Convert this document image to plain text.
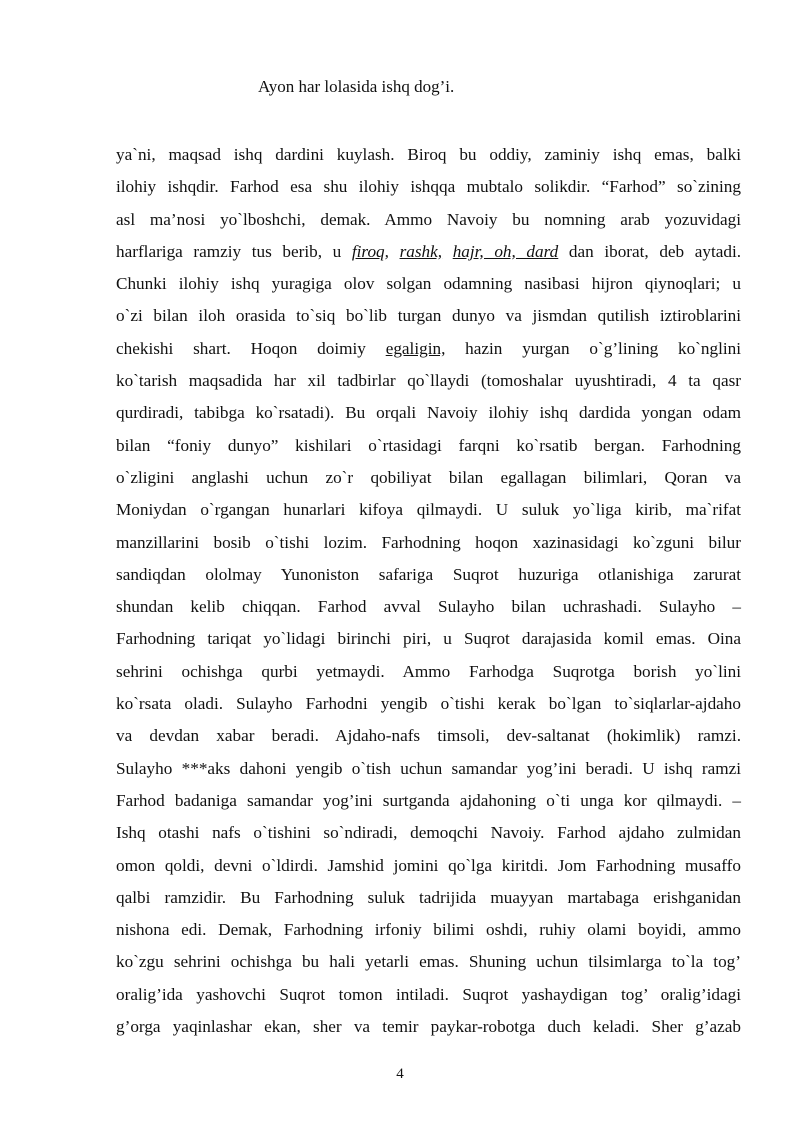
Ayon har lolasida ishq dog’i.
ya`ni, maqsad ishq dardini kuylash. Biroq bu oddiy, zaminiy ishq emas, balki
ilohiy ishqdir. Farhod esa shu ilohiy ishqqa mubtalo solikdir. “Farhod” so`zining
asl ma’nosi yo`lboshchi, demak. Ammo Navoiy bu nomning arab yozuvidagi
harflariga ramziy tus berib, u firoq, rashk, hajr, oh, dard dan iborat, deb aytadi.
Chunki ilohiy ishq yuragiga olov solgan odamning nasibasi hijron qiynoqlari; u
o`zi bilan iloh orasida to`siq bo`lib turgan dunyo va jismdan qutilish iztiroblarini
chekishi shart. Hoqon doimiy egaligin, hazin yurgan o`g’lining ko`nglini
ko`tarish maqsadida har xil tadbirlar qo`llaydi (tomoshalar uyushtiradi, 4 ta qasr
qurdiradi, tabibga ko`rsatadi). Bu orqali Navoiy ilohiy ishq dardida yongan odam
bilan “foniy dunyo” kishilari o`rtasidagi farqni ko`rsatib bergan. Farhodning
o`zligini anglashi uchun zo`r qobiliyat bilan egallagan bilimlari, Qoran va
Moniydan o`rgangan hunarlari kifoya qilmaydi. U suluk yo`liga kirib, ma`rifat
manzillarini bosib o`tishi lozim. Farhodning hoqon xazinasidagi ko`zguni bilur
sandiqdan ololmay Yunoniston safariga Suqrot huzuriga otlanishiga zarurat
shundan kelib chiqqan. Farhod avval Sulayho bilan uchrashadi. Sulayho –
Farhodning tariqat yo`lidagi birinchi piri, u Suqrot darajasida komil emas. Oina
sehrini ochishga qurbi yetmaydi. Ammo Farhodga Suqrotga borish yo`lini
ko`rsata oladi. Sulayho Farhodni yengib o`tishi kerak bo`lgan to`siqlarlar-ajdaho
va devdan xabar beradi. Ajdaho-nafs timsoli, dev-saltanat (hokimlik) ramzi.
Sulayho ***aks dahoni yengib o`tish uchun samandar yog’ini beradi. U ishq ramzi
Farhod badaniga samandar yog’ini surtganda ajdahoning o`ti unga kor qilmaydi. –
Ishq otashi nafs o`tishini so`ndiradi, demoqchi Navoiy. Farhod ajdaho zulmidan
omon qoldi, devni o`ldirdi. Jamshid jomini qo`lga kiritdi. Jom Farhodning musaffo
qalbi ramzidir. Bu Farhodning suluk tadrijida muayyan martabaga erishganidan
nishona edi. Demak, Farhodning irfoniy bilimi oshdi, ruhiy olami boyidi, ammo
ko`zgu sehrini ochishga bu hali yetarli emas. Shuning uchun tilsimlarga to`la tog’
oralig’ida yashovchi Suqrot tomon intiladi. Suqrot yashaydigan tog’ oralig’idagi
g’orga yaqinlashar ekan, sher va temir paykar-robotga duch keladi. Sher g’azab
4
